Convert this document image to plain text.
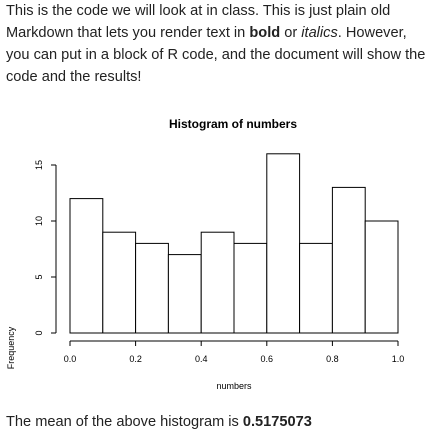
This is the code we will look at in class. This is just plain old Markdown that lets you render text in bold or italics. However, you can put in a block of R code, and the document will show the code and the results!

Histogram of numbers
Frequency
numbers
0.0	0.2	0.4	0.6	0.8	1.0
0
5
10
15

The mean of the above histogram is 0.5175073
